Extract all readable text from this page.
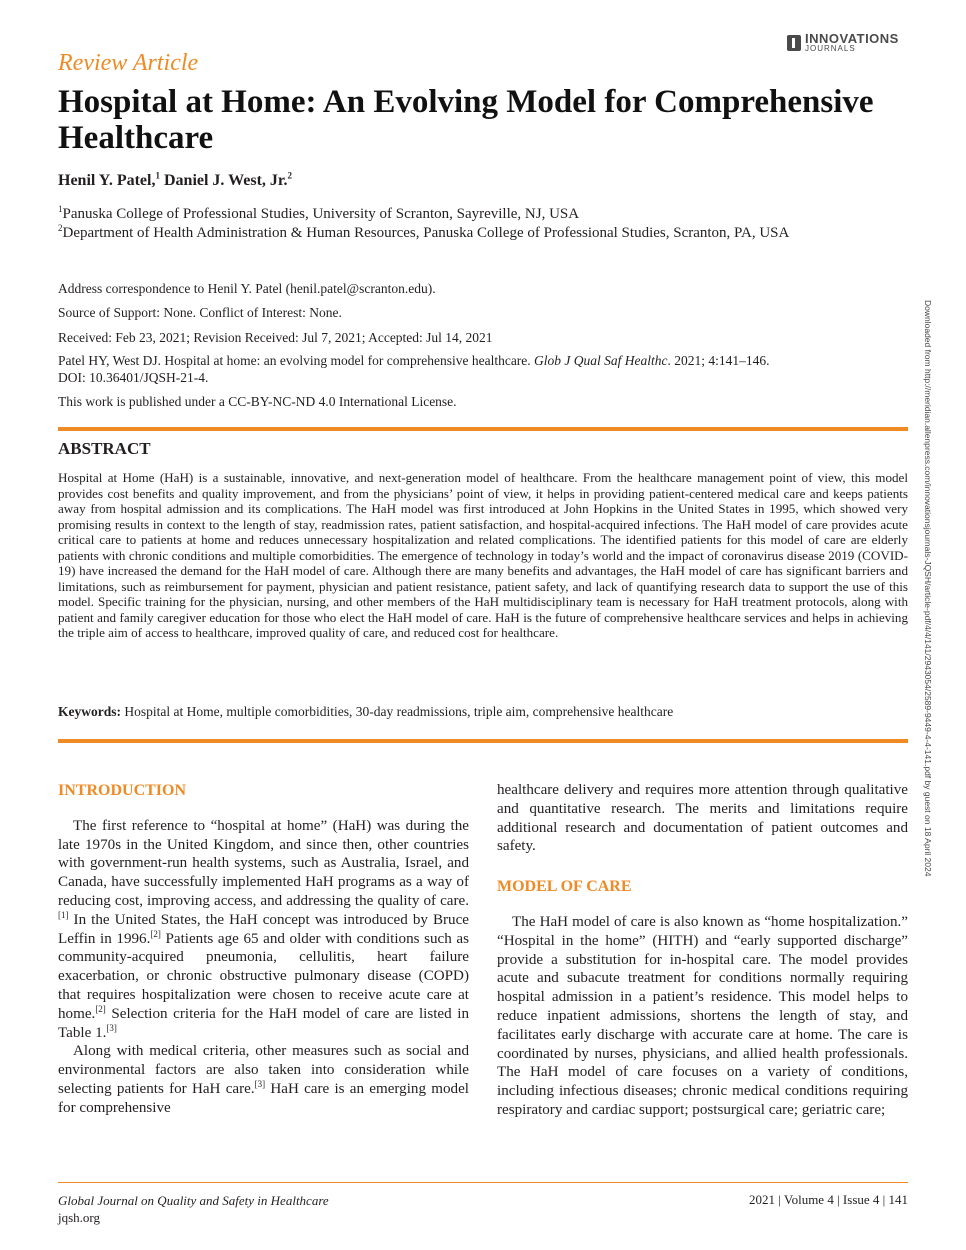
INNOVATIONS
JOURNALS
Review Article
Hospital at Home: An Evolving Model for Comprehensive Healthcare
Henil Y. Patel,$^1$ Daniel J. West, Jr.$^2$
$^1$Panuska College of Professional Studies, University of Scranton, Sayreville, NJ, USA
$^2$Department of Health Administration & Human Resources, Panuska College of Professional Studies, Scranton, PA, USA
Address correspondence to Henil Y. Patel (henil.patel@scranton.edu).
Source of Support: None. Conflict of Interest: None.
Received: Feb 23, 2021; Revision Received: Jul 7, 2021; Accepted: Jul 14, 2021
Patel HY, West DJ. Hospital at home: an evolving model for comprehensive healthcare. Glob J Qual Saf Healthc. 2021; 4:141–146.
DOI: 10.36401/JQSH-21-4.
This work is published under a CC-BY-NC-ND 4.0 International License.
ABSTRACT
Hospital at Home (HaH) is a sustainable, innovative, and next-generation model of healthcare. From the healthcare management point of view, this model provides cost benefits and quality improvement, and from the physicians’ point of view, it helps in providing patient-centered medical care and keeps patients away from hospital admission and its complications. The HaH model was first introduced at John Hopkins in the United States in 1995, which showed very promising results in context to the length of stay, readmission rates, patient satisfaction, and hospital-acquired infections. The HaH model of care provides acute critical care to patients at home and reduces unnecessary hospitalization and related complications. The identified patients for this model of care are elderly patients with chronic conditions and multiple comorbidities. The emergence of technology in today’s world and the impact of coronavirus disease 2019 (COVID-19) have increased the demand for the HaH model of care. Although there are many benefits and advantages, the HaH model of care has significant barriers and limitations, such as reimbursement for payment, physician and patient resistance, patient safety, and lack of quantifying research data to support the use of this model. Specific training for the physician, nursing, and other members of the HaH multidisciplinary team is necessary for HaH treatment protocols, along with patient and family caregiver education for those who elect the HaH model of care. HaH is the future of comprehensive healthcare services and helps in achieving the triple aim of access to healthcare, improved quality of care, and reduced cost for healthcare.
Keywords: Hospital at Home, multiple comorbidities, 30-day readmissions, triple aim, comprehensive healthcare
INTRODUCTION

The first reference to “hospital at home” (HaH) was during the late 1970s in the United Kingdom, and since then, other countries with government-run health systems, such as Australia, Israel, and Canada, have successfully implemented HaH programs as a way of reducing cost, improving access, and addressing the quality of care.[1] In the United States, the HaH concept was introduced by Bruce Leffin in 1996.[2] Patients age 65 and older with conditions such as community-acquired pneumonia, cellulitis, heart failure exacerbation, or chronic obstructive pulmonary disease (COPD) that requires hospitalization were chosen to receive acute care at home.[2] Selection criteria for the HaH model of care are listed in Table 1.[3]

Along with medical criteria, other measures such as social and environmental factors are also taken into consideration while selecting patients for HaH care.[3] HaH care is an emerging model for comprehensive

healthcare delivery and requires more attention through qualitative and quantitative research. The merits and limitations require additional research and documentation of patient outcomes and safety.

MODEL OF CARE

The HaH model of care is also known as “home hospitalization.” “Hospital in the home” (HITH) and “early supported discharge” provide a substitution for in-hospital care. The model provides acute and subacute treatment for conditions normally requiring hospital admission in a patient’s residence. This model helps to reduce inpatient admissions, shortens the length of stay, and facilitates early discharge with accurate care at home. The care is coordinated by nurses, physicians, and allied health professionals. The HaH model of care focuses on a variety of conditions, including infectious diseases; chronic medical conditions requiring respiratory and cardiac support; postsurgical care; geriatric care;

Downloaded from http://meridian.allenpress.com/innovationsjournals-JQSH/article-pdf/4/4/141/2943054/2589-9449-4-4-141.pdf by guest on 18 April 2024
Global Journal on Quality and Safety in Healthcare
jqsh.org
2021 | Volume 4 | Issue 4 | 141
